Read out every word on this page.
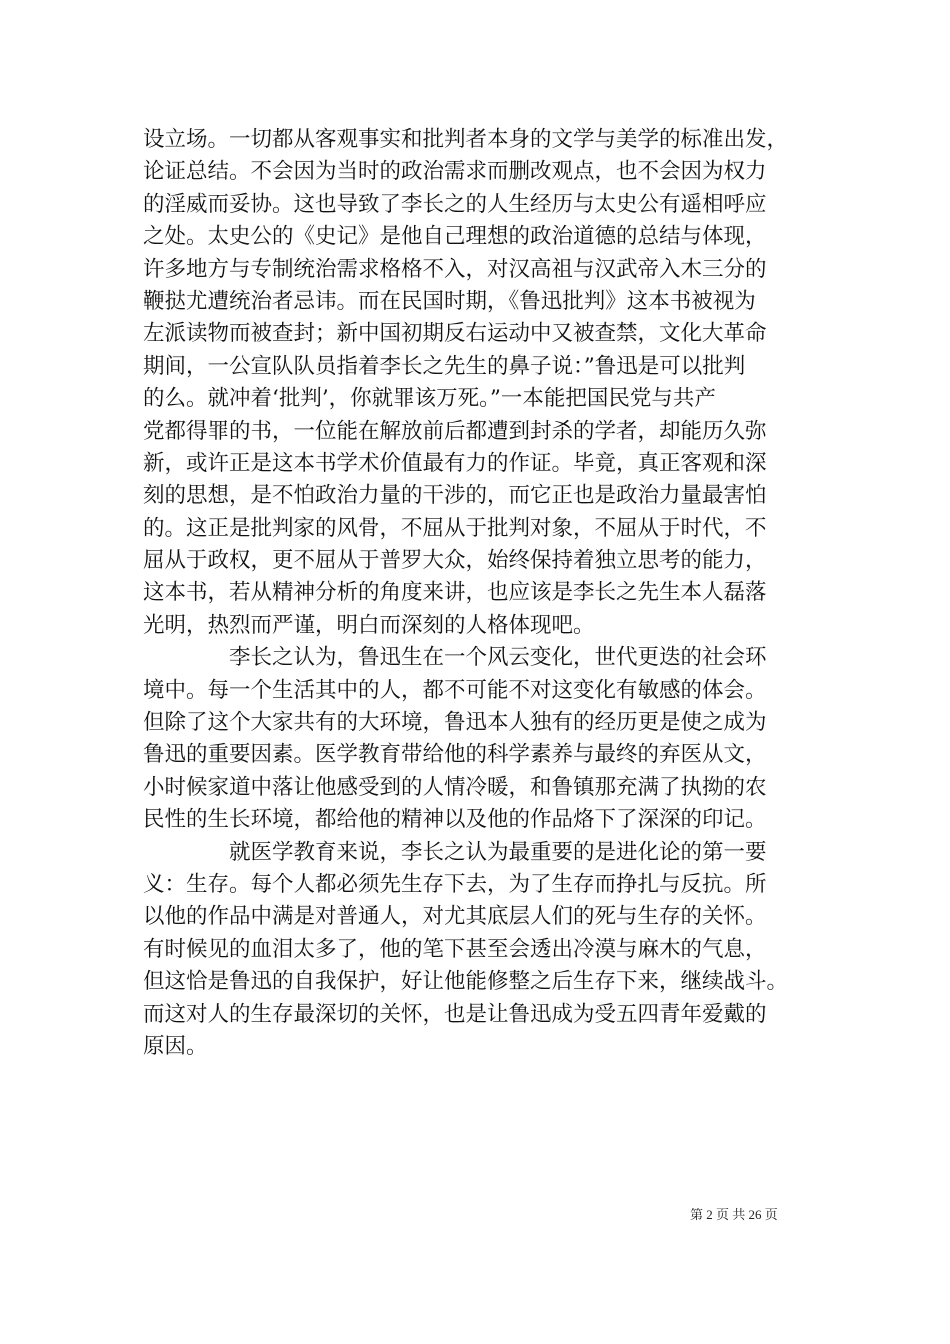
设立场。一切都从客观事实和批判者本身的文学与美学的标准出发，
论证总结。不会因为当时的政治需求而删改观点，也不会因为权力
的淫威而妥协。这也导致了李长之的人生经历与太史公有遥相呼应
之处。太史公的《史记》是他自己理想的政治道德的总结与体现，
许多地方与专制统治需求格格不入，对汉高祖与汉武帝入木三分的
鞭挞尤遭统治者忌讳。而在民国时期，《鲁迅批判》这本书被视为
左派读物而被查封；新中国初期反右运动中又被查禁，文化大革命
期间，一公宣队队员指着李长之先生的鼻子说：”鲁迅是可以批判
的么。就冲着‘批判’，你就罪该万死。”一本能把国民党与共产
党都得罪的书，一位能在解放前后都遭到封杀的学者，却能历久弥
新，或许正是这本书学术价值最有力的作证。毕竟，真正客观和深
刻的思想，是不怕政治力量的干涉的，而它正也是政治力量最害怕
的。这正是批判家的风骨，不屈从于批判对象，不屈从于时代，不
屈从于政权，更不屈从于普罗大众，始终保持着独立思考的能力，
这本书，若从精神分析的角度来讲，也应该是李长之先生本人磊落
光明，热烈而严谨，明白而深刻的人格体现吧。
　　　　李长之认为，鲁迅生在一个风云变化，世代更迭的社会环
境中。每一个生活其中的人，都不可能不对这变化有敏感的体会。
但除了这个大家共有的大环境，鲁迅本人独有的经历更是使之成为
鲁迅的重要因素。医学教育带给他的科学素养与最终的弃医从文，
小时候家道中落让他感受到的人情冷暖，和鲁镇那充满了执拗的农
民性的生长环境，都给他的精神以及他的作品烙下了深深的印记。
　　　　就医学教育来说，李长之认为最重要的是进化论的第一要
义：生存。每个人都必须先生存下去，为了生存而挣扎与反抗。所
以他的作品中满是对普通人，对尤其底层人们的死与生存的关怀。
有时候见的血泪太多了，他的笔下甚至会透出冷漠与麻木的气息，
但这恰是鲁迅的自我保护，好让他能修整之后生存下来，继续战斗。
而这对人的生存最深切的关怀，也是让鲁迅成为受五四青年爱戴的
原因。
第 2 页 共 26 页
